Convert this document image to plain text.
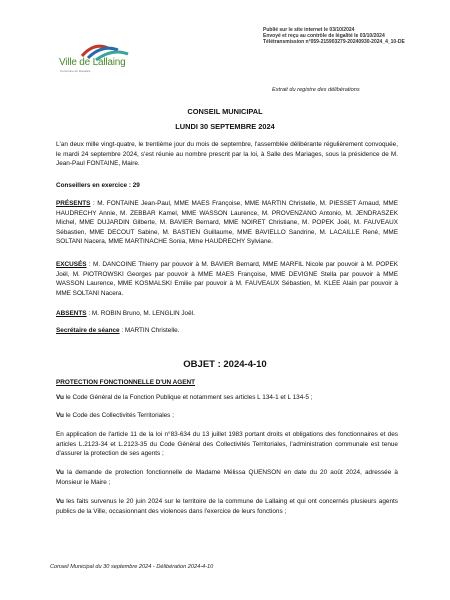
Ville de Lallaing
Commune du Douaisis
Publié sur le site internet le 03/10/2024
Envoyé et reçu au contrôle de légalité le 03/10/2024
Télétransmission n°059-215903279-20240930-2024_4_10-DE
Extrait du registre des délibérations
CONSEIL MUNICIPAL
LUNDI 30 SEPTEMBRE 2024
L'an deux mille vingt-quatre, le trentième jour du mois de septembre, l'assemblée délibérante régulièrement convoquée, le mardi 24 septembre 2024, s'est réunie au nombre prescrit par la loi, à Salle des Mariages, sous la présidence de M. Jean-Paul FONTAINE, Maire.
Conseillers en exercice : 29
PRÉSENTS : M. FONTAINE Jean-Paul, MME MAES Françoise, MME MARTIN Christelle, M. PIESSET Arnaud, MME HAUDRECHY Annie, M. ZEBBAR Kamel, MME WASSON Laurence, M. PROVENZANO Antonio, M. JENDRASZEK Michel, MME DUJARDIN Gilberte, M. BAVIER Bernard, MME NOIRET Christiane, M. POPEK Joël, M. FAUVEAUX Sébastien, MME DECOUT Sabine, M. BASTIEN Guillaume, MME BAVIELLO Sandrine, M. LACAILLE René, MME SOLTANI Nacera, MME MARTINACHE Sonia, Mme HAUDRECHY Sylviane.
EXCUSÉS : M. DANCOINE Thierry par pouvoir à M. BAVIER Bernard, MME MARFIL Nicole par pouvoir à M. POPEK Joël, M. PIOTROWSKI Georges par pouvoir à MME MAES Françoise, MME DEVIGNE Stella par pouvoir à MME WASSON Laurence, MME KOSMALSKI Emilie par pouvoir à M. FAUVEAUX Sébastien, M. KLEE Alain par pouvoir à MME SOLTANI Nacera.
ABSENTS : M. ROBIN Bruno, M. LENGLIN Joël.
Secrétaire de séance : MARTIN Christelle.
OBJET : 2024-4-10
PROTECTION FONCTIONNELLE D'UN AGENT
Vu le Code Général de la Fonction Publique et notamment ses articles L 134-1 et L 134-5 ;
Vu le Code des Collectivités Territoriales ;
En application de l'article 11 de la loi n°83-634 du 13 juillet 1983 portant droits et obligations des fonctionnaires et des articles L.2123-34 et L.2123-35 du Code Général des Collectivités Territoriales, l'administration communale est tenue d'assurer la protection de ses agents ;
Vu la demande de protection fonctionnelle de Madame Mélissa QUENSON en date du 20 août 2024, adressée à Monsieur le Maire ;
Vu les faits survenus le 20 juin 2024 sur le territoire de la commune de Lallaing et qui ont concernés plusieurs agents publics de la Ville, occasionnant des violences dans l'exercice de leurs fonctions ;
Conseil Municipal du 30 septembre 2024 - Délibération 2024-4-10
